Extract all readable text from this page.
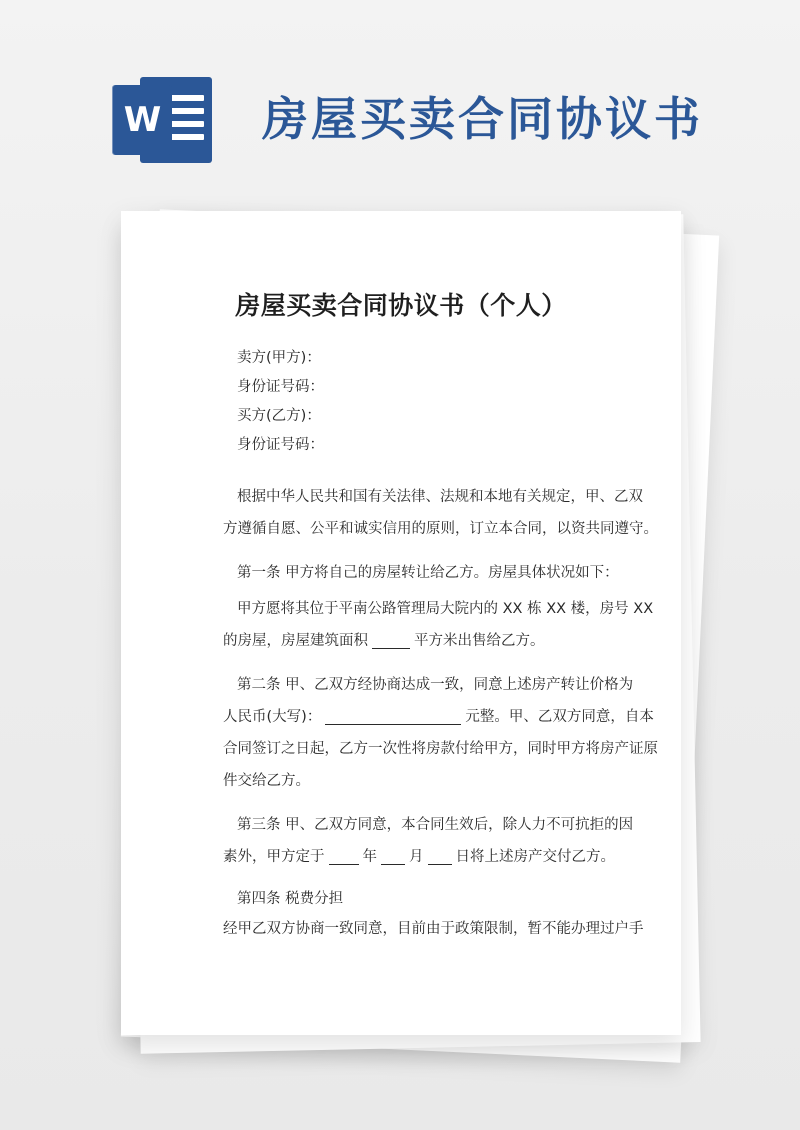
W 房屋买卖合同协议书
房屋买卖合同协议书（个人）
卖方(甲方)：
身份证号码：
买方(乙方)：
身份证号码：
根据中华人民共和国有关法律、法规和本地有关规定，甲、乙双
方遵循自愿、公平和诚实信用的原则，订立本合同，以资共同遵守。
第一条 甲方将自己的房屋转让给乙方。房屋具体状况如下：
甲方愿将其位于平南公路管理局大院内的 XX 栋 XX 楼，房号 XX
的房屋，房屋建筑面积	平方米出售给乙方。
第二条 甲、乙双方经协商达成一致，同意上述房产转让价格为
人民币(大写)：	元整。甲、乙双方同意，自本
合同签订之日起，乙方一次性将房款付给甲方，同时甲方将房产证原
件交给乙方。
第三条 甲、乙双方同意，本合同生效后，除人力不可抗拒的因
素外，甲方定于	年 月 日将上述房产交付乙方。
第四条 税费分担
经甲乙双方协商一致同意，目前由于政策限制，暂不能办理过户手
